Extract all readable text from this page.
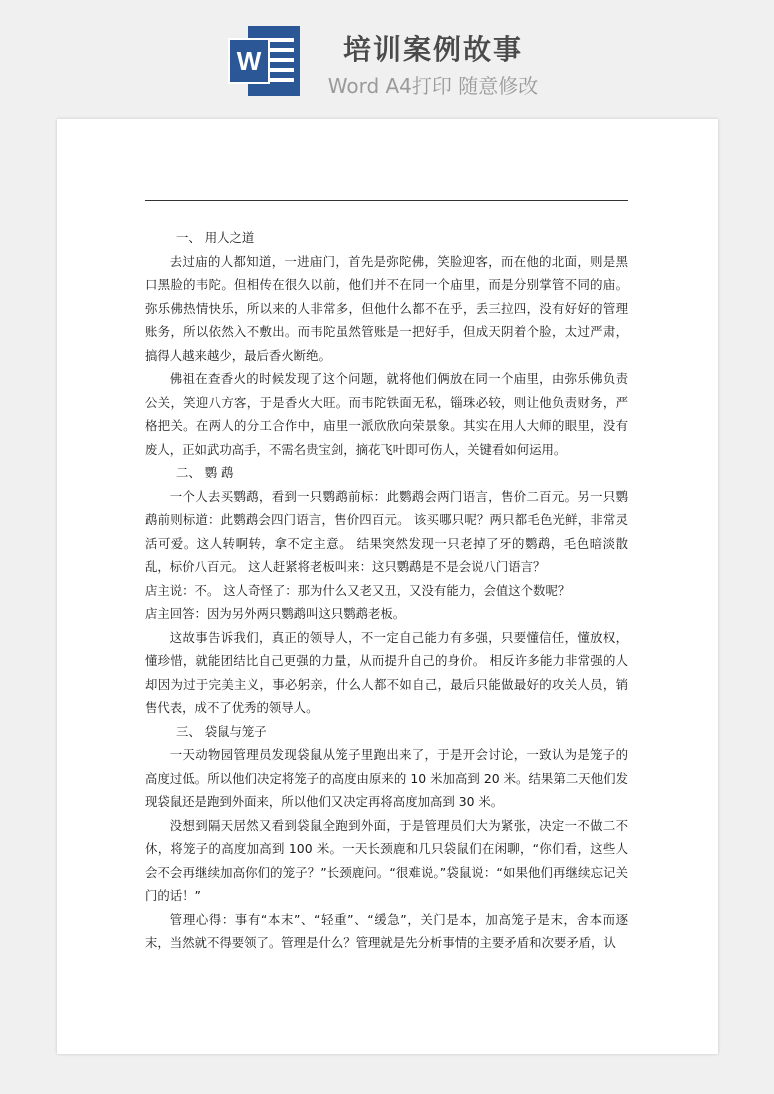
W	培训案例故事
Word A4打印 随意修改
一、 用人之道

去过庙的人都知道，一进庙门，首先是弥陀佛，笑脸迎客，而在他的北面，则是黑口黑脸的韦陀。但相传在很久以前，他们并不在同一个庙里，而是分别掌管不同的庙。弥乐佛热情快乐，所以来的人非常多，但他什么都不在乎，丢三拉四，没有好好的管理账务，所以依然入不敷出。而韦陀虽然管账是一把好手，但成天阴着个脸，太过严肃，搞得人越来越少，最后香火断绝。

佛祖在查香火的时候发现了这个问题，就将他们俩放在同一个庙里，由弥乐佛负责公关，笑迎八方客，于是香火大旺。而韦陀铁面无私，锱珠必较，则让他负责财务，严格把关。在两人的分工合作中，庙里一派欣欣向荣景象。其实在用人大师的眼里，没有废人，正如武功高手，不需名贵宝剑，摘花飞叶即可伤人，关键看如何运用。

二、 鹦 鹉

一个人去买鹦鹉，看到一只鹦鹉前标：此鹦鹉会两门语言，售价二百元。另一只鹦鹉前则标道：此鹦鹉会四门语言，售价四百元。 该买哪只呢？两只都毛色光鲜，非常灵活可爱。这人转啊转，拿不定主意。 结果突然发现一只老掉了牙的鹦鹉，毛色暗淡散乱，标价八百元。 这人赶紧将老板叫来：这只鹦鹉是不是会说八门语言？

店主说：不。 这人奇怪了：那为什么又老又丑，又没有能力，会值这个数呢？

店主回答：因为另外两只鹦鹉叫这只鹦鹉老板。

这故事告诉我们，真正的领导人，不一定自己能力有多强，只要懂信任，懂放权，懂珍惜，就能团结比自己更强的力量，从而提升自己的身价。 相反许多能力非常强的人却因为过于完美主义，事必躬亲，什么人都不如自己，最后只能做最好的攻关人员，销售代表，成不了优秀的领导人。

三、 袋鼠与笼子

一天动物园管理员发现袋鼠从笼子里跑出来了，于是开会讨论，一致认为是笼子的高度过低。所以他们决定将笼子的高度由原来的 10 米加高到 20 米。结果第二天他们发现袋鼠还是跑到外面来，所以他们又决定再将高度加高到 30 米。

没想到隔天居然又看到袋鼠全跑到外面，于是管理员们大为紧张，决定一不做二不休，将笼子的高度加高到 100 米。一天长颈鹿和几只袋鼠们在闲聊，“你们看，这些人会不会再继续加高你们的笼子？”长颈鹿问。“很难说。”袋鼠说：“如果他们再继续忘记关门的话！”

管理心得：事有“本末”、“轻重”、“缓急”，关门是本，加高笼子是末，舍本而逐末，当然就不得要领了。管理是什么？管理就是先分析事情的主要矛盾和次要矛盾，认
